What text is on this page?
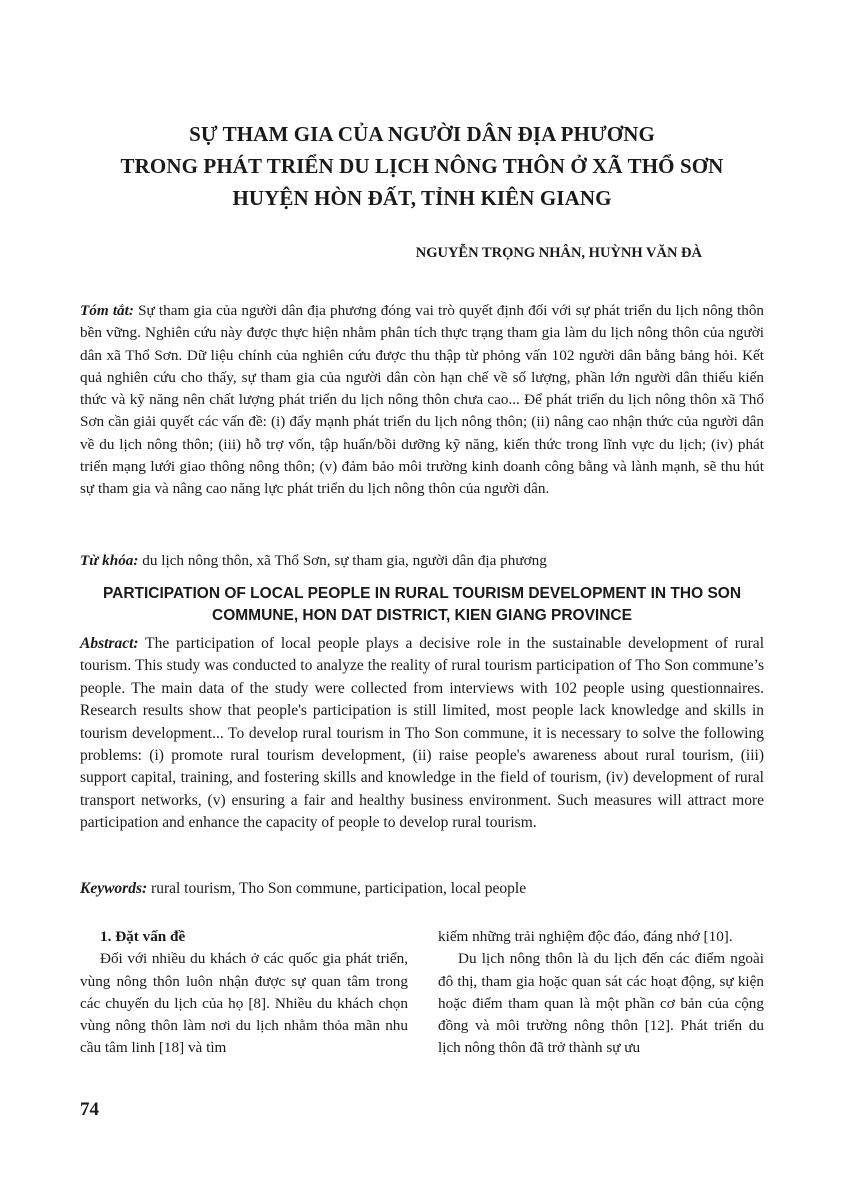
SỰ THAM GIA CỦA NGƯỜI DÂN ĐỊA PHƯƠNG
TRONG PHÁT TRIỂN DU LỊCH NÔNG THÔN Ở XÃ THỔ SƠN
HUYỆN HÒN ĐẤT, TỈNH KIÊN GIANG
NGUYỄN TRỌNG NHÂN, HUỲNH VĂN ĐÀ
Tóm tắt: Sự tham gia của người dân địa phương đóng vai trò quyết định đối với sự phát triển du lịch nông thôn bền vững. Nghiên cứu này được thực hiện nhằm phân tích thực trạng tham gia làm du lịch nông thôn của người dân xã Thổ Sơn. Dữ liệu chính của nghiên cứu được thu thập từ phỏng vấn 102 người dân bằng bảng hỏi. Kết quả nghiên cứu cho thấy, sự tham gia của người dân còn hạn chế về số lượng, phần lớn người dân thiếu kiến thức và kỹ năng nên chất lượng phát triển du lịch nông thôn chưa cao... Để phát triển du lịch nông thôn xã Thổ Sơn cần giải quyết các vấn đề: (i) đẩy mạnh phát triển du lịch nông thôn; (ii) nâng cao nhận thức của người dân về du lịch nông thôn; (iii) hỗ trợ vốn, tập huấn/bồi dưỡng kỹ năng, kiến thức trong lĩnh vực du lịch; (iv) phát triển mạng lưới giao thông nông thôn; (v) đảm bảo môi trường kinh doanh công bằng và lành mạnh, sẽ thu hút sự tham gia và nâng cao năng lực phát triển du lịch nông thôn của người dân.
Từ khóa: du lịch nông thôn, xã Thổ Sơn, sự tham gia, người dân địa phương
PARTICIPATION OF LOCAL PEOPLE IN RURAL TOURISM DEVELOPMENT IN THO SON COMMUNE, HON DAT DISTRICT, KIEN GIANG PROVINCE
Abstract: The participation of local people plays a decisive role in the sustainable development of rural tourism. This study was conducted to analyze the reality of rural tourism participation of Tho Son commune’s people. The main data of the study were collected from interviews with 102 people using questionnaires. Research results show that people's participation is still limited, most people lack knowledge and skills in tourism development... To develop rural tourism in Tho Son commune, it is necessary to solve the following problems: (i) promote rural tourism development, (ii) raise people's awareness about rural tourism, (iii) support capital, training, and fostering skills and knowledge in the field of tourism, (iv) development of rural transport networks, (v) ensuring a fair and healthy business environment. Such measures will attract more participation and enhance the capacity of people to develop rural tourism.
Keywords: rural tourism, Tho Son commune, participation, local people
1. Đặt vấn đề
Đối với nhiều du khách ở các quốc gia phát triển, vùng nông thôn luôn nhận được sự quan tâm trong các chuyến du lịch của họ [8]. Nhiều du khách chọn vùng nông thôn làm nơi du lịch nhằm thỏa mãn nhu cầu tâm linh [18] và tìm
kiếm những trải nghiệm độc đáo, đáng nhớ [10].
Du lịch nông thôn là du lịch đến các điểm ngoài đô thị, tham gia hoặc quan sát các hoạt động, sự kiện hoặc điểm tham quan là một phần cơ bản của cộng đồng và môi trường nông thôn [12]. Phát triển du lịch nông thôn đã trở thành sự ưu
74
